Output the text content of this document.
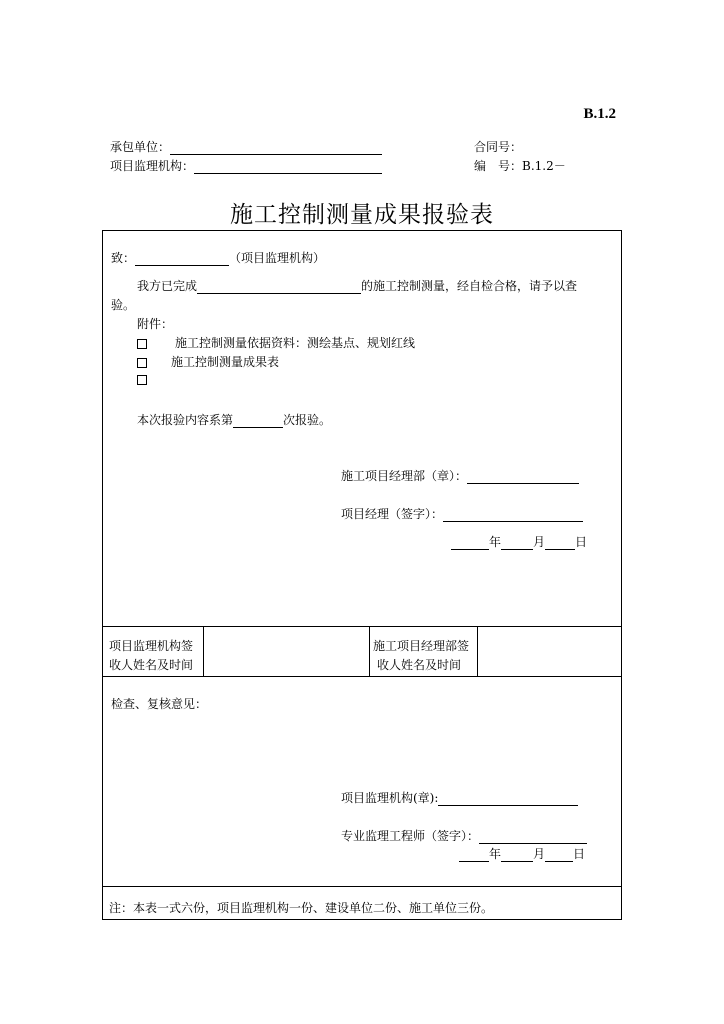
B.1.2
承包单位：	合同号：
项目监理机构：	编　号：B.1.2－
施工控制测量成果报验表
致：	（项目监理机构）
我方已完成	的施工控制测量，经自检合格，请予以查
验。
附件：
施工控制测量依据资料：测绘基点、规划红线
施工控制测量成果表
本次报验内容系第	次报验。
施工项目经理部（章）：
项目经理（签字）：
年	月	日
项目监理机构签
收人姓名及时间
施工项目经理部签
收人姓名及时间
检查、复核意见：
项目监理机构(章):
专业监理工程师（签字）：
年	月 日
注：本表一式六份，项目监理机构一份、建设单位二份、施工单位三份。
